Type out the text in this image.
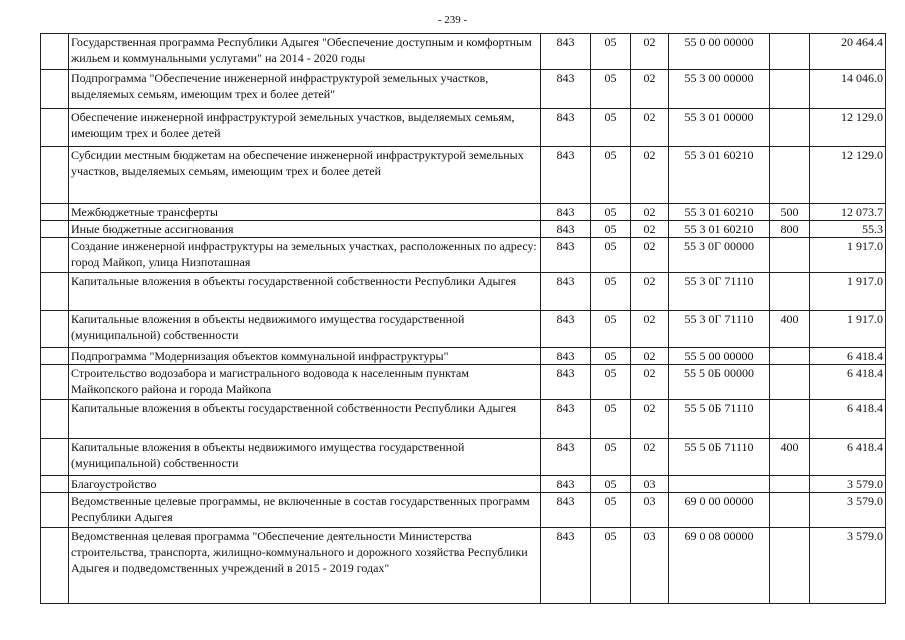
- 239 -
	Государственная программа Республики Адыгея "Обеспечение доступным и комфортным жильем и коммунальными услугами" на 2014 - 2020 годы	843	05	02	55 0 00 00000		20 464.4
	Подпрограмма "Обеспечение инженерной инфраструктурой земельных участков, выделяемых семьям, имеющим трех и более детей"	843	05	02	55 3 00 00000		14 046.0
	Обеспечение инженерной инфраструктурой земельных участков, выделяемых семьям, имеющим трех и более детей	843	05	02	55 3 01 00000		12 129.0
	Субсидии местным бюджетам на обеспечение инженерной инфраструктурой земельных участков, выделяемых семьям, имеющим трех и более детей	843	05	02	55 3 01 60210		12 129.0
	Межбюджетные трансферты	843	05	02	55 3 01 60210	500	12 073.7
	Иные бюджетные ассигнования	843	05	02	55 3 01 60210	800	55.3
	Создание инженерной инфраструктуры на земельных участках, расположенных по адресу: город Майкоп, улица Низпоташная	843	05	02	55 3 0Г 00000		1 917.0
	Капитальные вложения в объекты государственной собственности Республики Адыгея	843	05	02	55 3 0Г 71110		1 917.0
	Капитальные вложения в объекты недвижимого имущества государственной (муниципальной) собственности	843	05	02	55 3 0Г 71110	400	1 917.0
	Подпрограмма "Модернизация объектов коммунальной инфраструктуры"	843	05	02	55 5 00 00000		6 418.4
	Строительство водозабора и магистрального водовода к населенным пунктам Майкопского района и города Майкопа	843	05	02	55 5 0Б 00000		6 418.4
	Капитальные вложения в объекты государственной собственности Республики Адыгея	843	05	02	55 5 0Б 71110		6 418.4
	Капитальные вложения в объекты недвижимого имущества государственной (муниципальной) собственности	843	05	02	55 5 0Б 71110	400	6 418.4
	Благоустройство	843	05	03			3 579.0
	Ведомственные целевые программы, не включенные в состав государственных программ Республики Адыгея	843	05	03	69 0 00 00000		3 579.0
	Ведомственная целевая программа "Обеспечение деятельности Министерства строительства, транспорта, жилищно-коммунального и дорожного хозяйства Республики Адыгея и подведомственных учреждений в 2015 - 2019 годах"	843	05	03	69 0 08 00000		3 579.0
